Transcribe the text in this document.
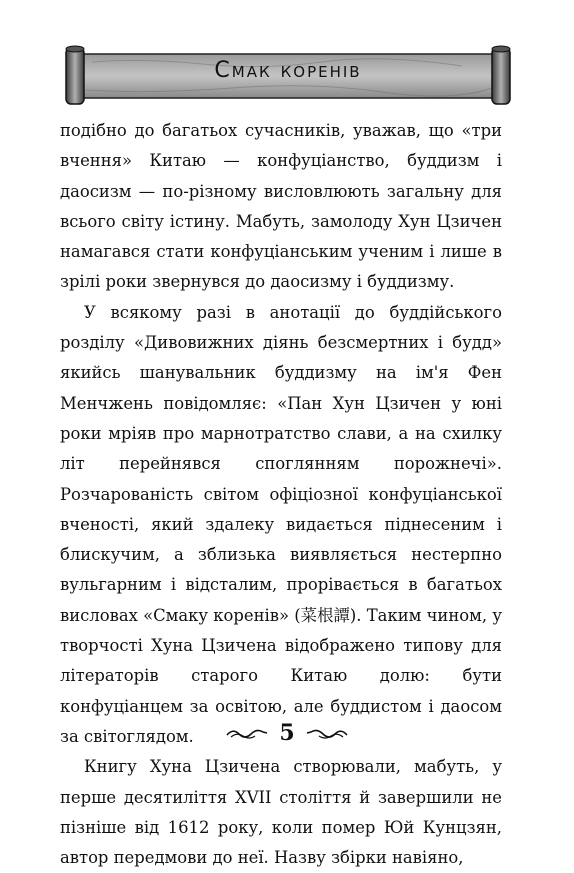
Смак коренів

подібно до багатьох сучасників, уважав, що «три вчення» Китаю — конфуціанство, буддизм і даосизм — по-різному висловлюють загальну для всього світу істину. Мабуть, замолоду Хун Цзичен намагався стати конфуціанським ученим і лише в зрілі роки звернувся до даосизму і буддизму.

У всякому разі в анотації до буддійського розділу «Дивовижних діянь безсмертних і будд» якийсь шанувальник буддизму на ім'я Фен Менчжень повідомляє: «Пан Хун Цзичен у юні роки мріяв про марнотратство слави, а на схилку літ перейнявся споглянням порожнечі». Розчарованість світом офіціозної конфуціанської вченості, який здалеку видається піднесеним і блискучим, а зблизька виявляється нестерпно вульгарним і відсталим, прорівається в багатьох висловах «Смаку коренів» (菜根譚). Таким чином, у творчості Хуна Цзичена відображено типову для літераторів старого Китаю долю: бути конфуціанцем за освітою, але буддистом і даосом за світоглядом.

Книгу Хуна Цзичена створювали, мабуть, у перше десятиліття XVII століття й завершили не пізніше від 1612 року, коли помер Юй Кунцзян, автор передмови до неї. Назву збірки навіяно,

5
